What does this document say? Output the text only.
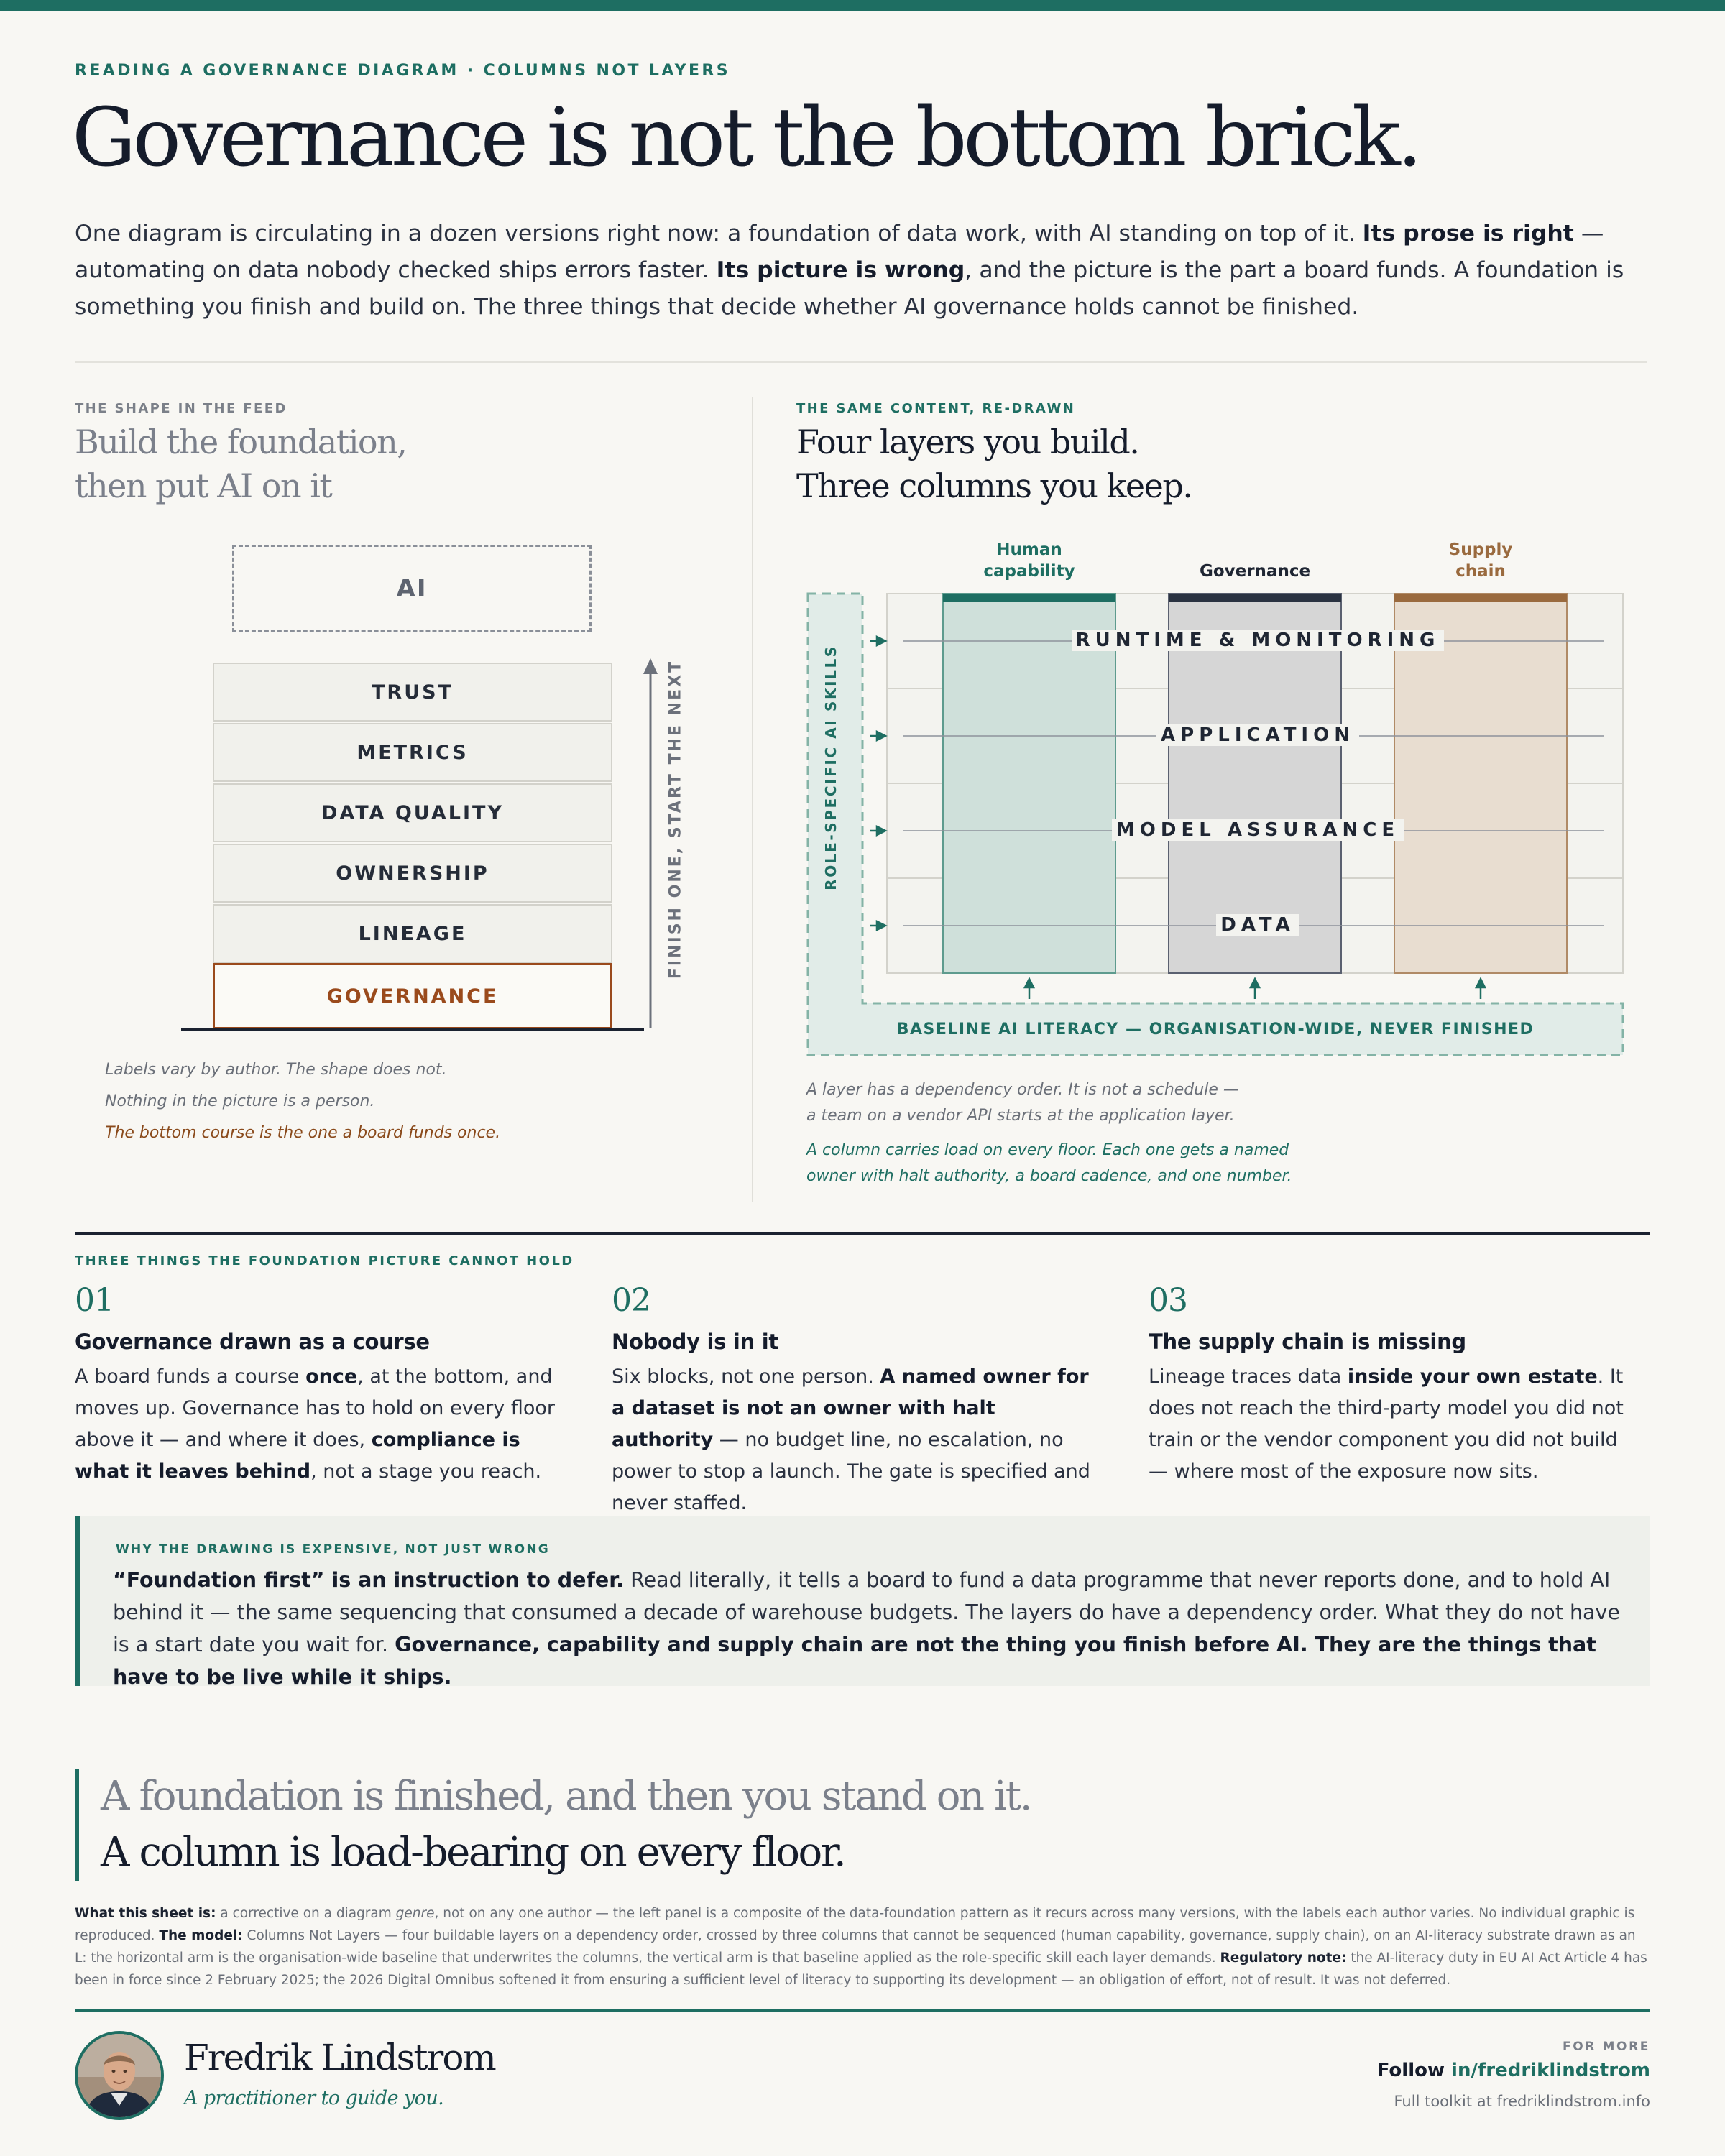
READING A GOVERNANCE DIAGRAM · COLUMNS NOT LAYERS
Governance is not the bottom brick.

One diagram is circulating in a dozen versions right now: a foundation of data work, with AI standing on top of it. Its prose is right — automating on data nobody checked ships errors faster. Its picture is wrong, and the picture is the part a board funds. A foundation is something you finish and build on. The three things that decide whether AI governance holds cannot be finished.

THE SHAPE IN THE FEED
Build the foundation,
then put AI on it
AI
TRUST
METRICS
DATA QUALITY
OWNERSHIP
LINEAGE
GOVERNANCE
FINISH ONE, START THE NEXT
Labels vary by author. The shape does not.
Nothing in the picture is a person.
The bottom course is the one a board funds once.
THE SAME CONTENT, RE-DRAWN
Four layers you build.
Three columns you keep.
Human
capability	Governance
Supply
chain
RUNTIME & MONITORING
APPLICATION
MODEL ASSURANCE
DATA
ROLE-SPECIFIC AI SKILLS
BASELINE AI LITERACY — ORGANISATION-WIDE, NEVER FINISHED
A layer has a dependency order. It is not a schedule —
a team on a vendor API starts at the application layer.
A column carries load on every floor. Each one gets a named
owner with halt authority, a board cadence, and one number.
THREE THINGS THE FOUNDATION PICTURE CANNOT HOLD

01

Governance drawn as a course

A board funds a course once, at the bottom, and moves up. Governance has to hold on every floor above it — and where it does, compliance is what it leaves behind, not a stage you reach.

02

Nobody is in it

Six blocks, not one person. A named owner for a dataset is not an owner with halt authority — no budget line, no escalation, no power to stop a launch. The gate is specified and never staffed.

03

The supply chain is missing

Lineage traces data inside your own estate. It does not reach the third-party model you did not train or the vendor component you did not build — where most of the exposure now sits.

WHY THE DRAWING IS EXPENSIVE, NOT JUST WRONG

“Foundation first” is an instruction to defer. Read literally, it tells a board to fund a data programme that never reports done, and to hold AI behind it — the same sequencing that consumed a decade of warehouse budgets. The layers do have a dependency order. What they do not have is a start date you wait for. Governance, capability and supply chain are not the thing you finish before AI. They are the things that have to be live while it ships.

A foundation is finished, and then you stand on it.
A column is load-bearing on every floor.

What this sheet is: a corrective on a diagram genre, not on any one author — the left panel is a composite of the data-foundation pattern as it recurs across many versions, with the labels each author varies. No individual graphic is reproduced. The model: Columns Not Layers — four buildable layers on a dependency order, crossed by three columns that cannot be sequenced (human capability, governance, supply chain), on an AI-literacy substrate drawn as an L: the horizontal arm is the organisation-wide baseline that underwrites the columns, the vertical arm is that baseline applied as the role-specific skill each layer demands. Regulatory note: the AI-literacy duty in EU AI Act Article 4 has been in force since 2 February 2025; the 2026 Digital Omnibus softened it from ensuring a sufficient level of literacy to supporting its development — an obligation of effort, not of result. It was not deferred.

Fredrik Lindstrom
A practitioner to guide you.
FOR MORE
Follow in/fredriklindstrom
Full toolkit at fredriklindstrom.info
